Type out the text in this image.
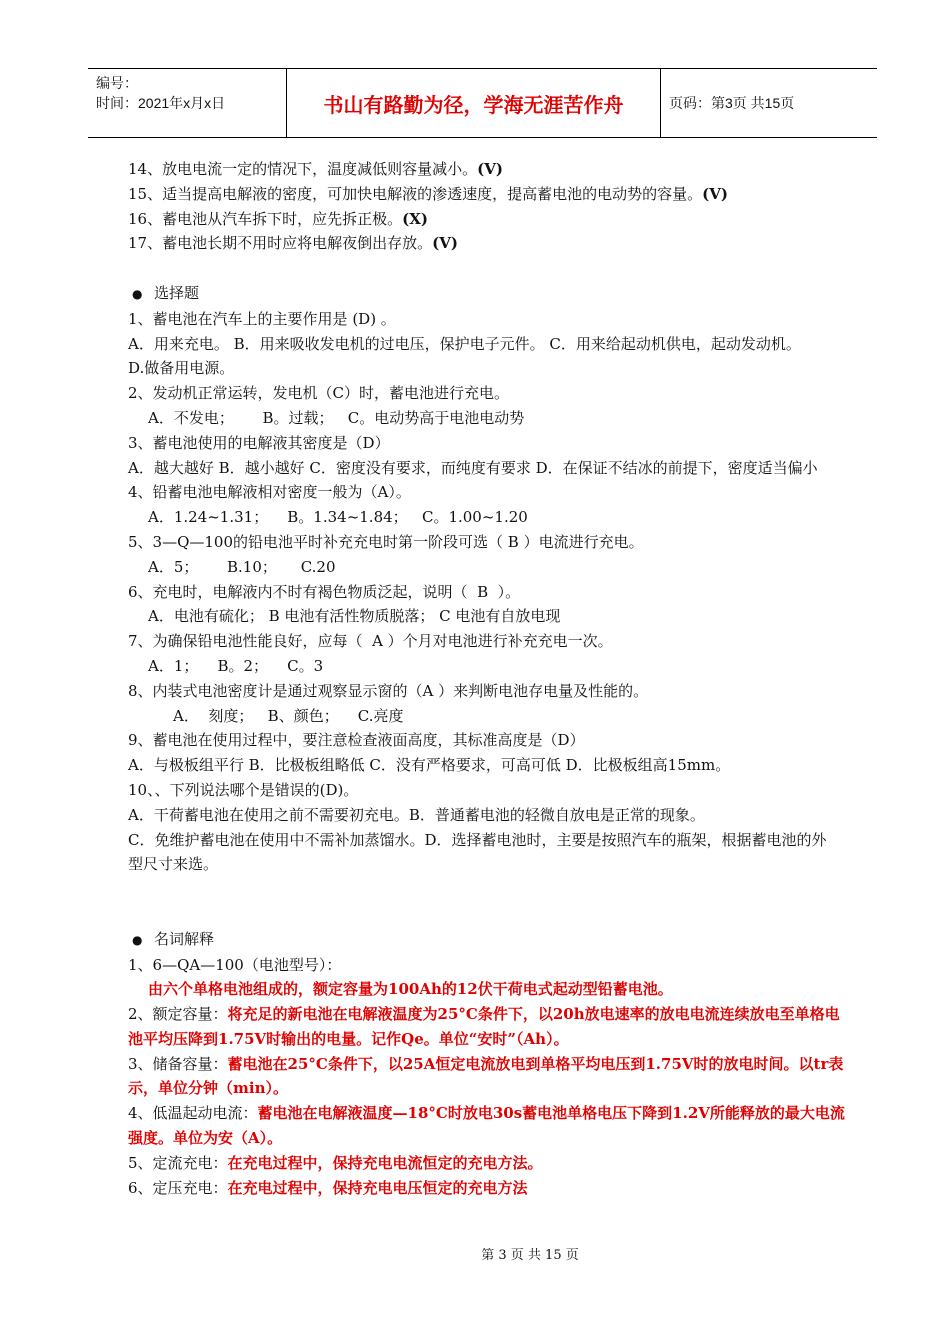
编号：
时间：2021年x月x日	书山有路勤为径，学海无涯苦作舟	页码：第3页 共15页
14、放电电流一定的情况下，温度减低则容量减小。(V)
15、适当提高电解液的密度，可加快电解液的渗透速度，提高蓄电池的电动势的容量。(V)
16、蓄电池从汽车拆下时，应先拆正极。(X)
17、蓄电池长期不用时应将电解夜倒出存放。(V)
● 选择题
1、蓄电池在汽车上的主要作用是 (D) 。
A．用来充电。 B．用来吸收发电机的过电压，保护电子元件。 C．用来给起动机供电，起动发动机。
D.做备用电源。
2、发动机正常运转，发电机（C）时，蓄电池进行充电。
A．不发电；      B。过载；   C。电动势高于电池电动势
3、蓄电池使用的电解液其密度是（D）
A．越大越好 B．越小越好 C．密度没有要求，而纯度有要求 D．在保证不结冰的前提下，密度适当偏小
4、铅蓄电池电解液相对密度一般为（A）。
A．1.24~1.31；    B。1.34~1.84；   C。1.00~1.20
5、3—Q—100的铅电池平时补充充电时第一阶段可选（ B ）电流进行充电。
A．5；      B.10；     C.20
6、充电时，电解液内不时有褐色物质泛起，说明（  B  ）。
A．电池有硫化； B 电池有活性物质脱落； C 电池有自放电现
7、为确保铅电池性能良好，应每（  A ）个月对电池进行补充充电一次。
A．1；    B。2；    C。3
8、内装式电池密度计是通过观察显示窗的（A ）来判断电池存电量及性能的。
A．  刻度；   B、颜色；    C.亮度
9、蓄电池在使用过程中，要注意检查液面高度，其标准高度是（D）
A．与极板组平行 B．比极板组略低 C．没有严格要求，可高可低 D．比极板组高15mm。
10、、下列说法哪个是错误的(D)。
A．干荷蓄电池在使用之前不需要初充电。B．普通蓄电池的轻微自放电是正常的现象。
C．免维护蓄电池在使用中不需补加蒸馏水。D．选择蓄电池时，主要是按照汽车的瓶架，根据蓄电池的外
型尺寸来选。
● 名词解释
1、6—QA—100（电池型号）：
由六个单格电池组成的，额定容量为100Ah的12伏干荷电式起动型铅蓄电池。
2、额定容量：将充足的新电池在电解液温度为25°C条件下，以20h放电速率的放电电流连续放电至单格电池平均压降到1.75V时输出的电量。记作Qe。单位“安时”（Ah）。
3、储备容量：蓄电池在25°C条件下，以25A恒定电流放电到单格平均电压到1.75V时的放电时间。以tr表示，单位分钟（min）。
4、低温起动电流：蓄电池在电解液温度—18°C时放电30s蓄电池单格电压下降到1.2V所能释放的最大电流强度。单位为安（A）。
5、定流充电：在充电过程中，保持充电电流恒定的充电方法。
6、定压充电：在充电过程中，保持充电电压恒定的充电方法
第 3 页 共 15 页
